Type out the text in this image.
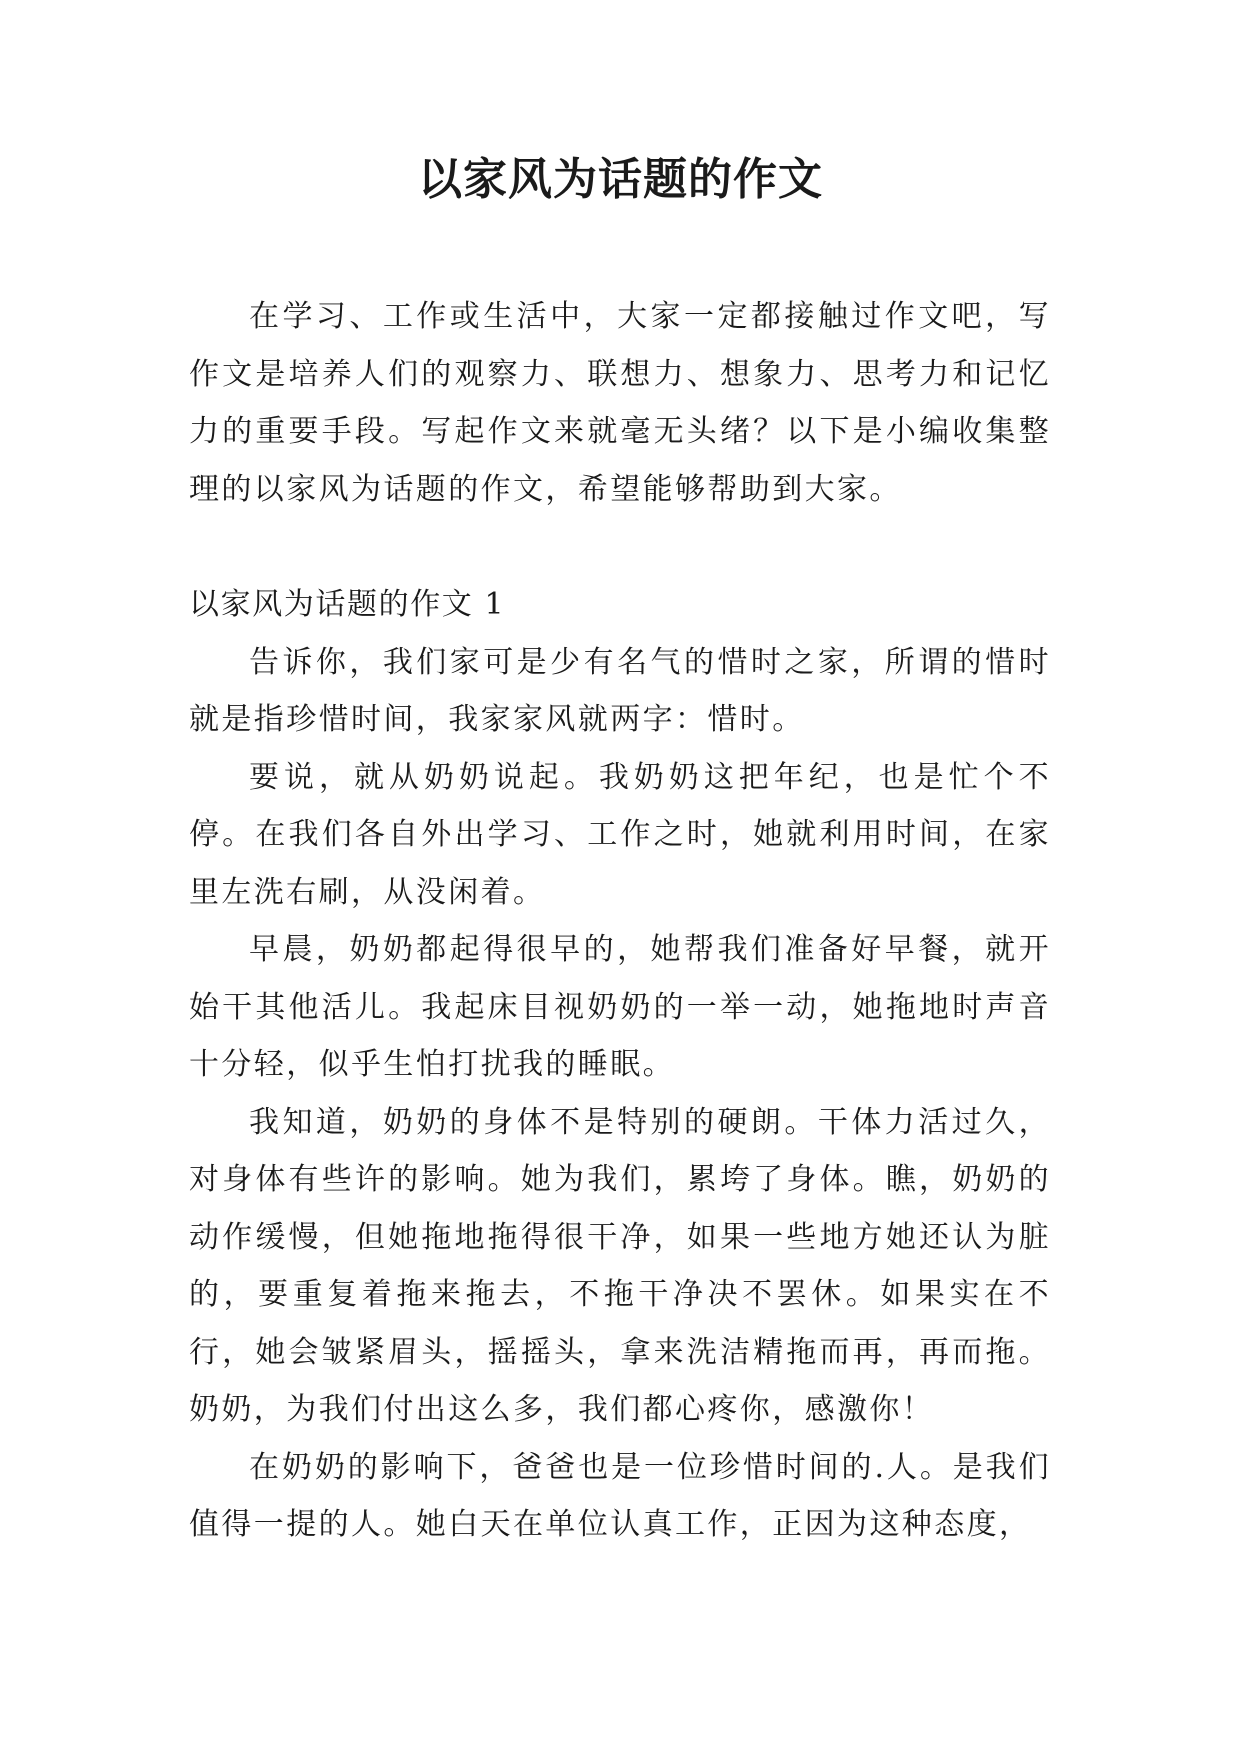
以家风为话题的作文

在学习、工作或生活中，大家一定都接触过作文吧，写作文是培养人们的观察力、联想力、想象力、思考力和记忆力的重要手段。写起作文来就毫无头绪？以下是小编收集整理的以家风为话题的作文，希望能够帮助到大家。

以家风为话题的作文 1

告诉你，我们家可是少有名气的惜时之家，所谓的惜时就是指珍惜时间，我家家风就两字：惜时。

要说，就从奶奶说起。我奶奶这把年纪，也是忙个不停。在我们各自外出学习、工作之时，她就利用时间，在家里左洗右刷，从没闲着。

早晨，奶奶都起得很早的，她帮我们准备好早餐，就开始干其他活儿。我起床目视奶奶的一举一动，她拖地时声音十分轻，似乎生怕打扰我的睡眠。

我知道，奶奶的身体不是特别的硬朗。干体力活过久，对身体有些许的影响。她为我们，累垮了身体。瞧，奶奶的动作缓慢，但她拖地拖得很干净，如果一些地方她还认为脏的，要重复着拖来拖去，不拖干净决不罢休。如果实在不行，她会皱紧眉头，摇摇头，拿来洗洁精拖而再，再而拖。奶奶，为我们付出这么多，我们都心疼你，感激你！

在奶奶的影响下，爸爸也是一位珍惜时间的.人。是我们值得一提的人。她白天在单位认真工作，正因为这种态度，
